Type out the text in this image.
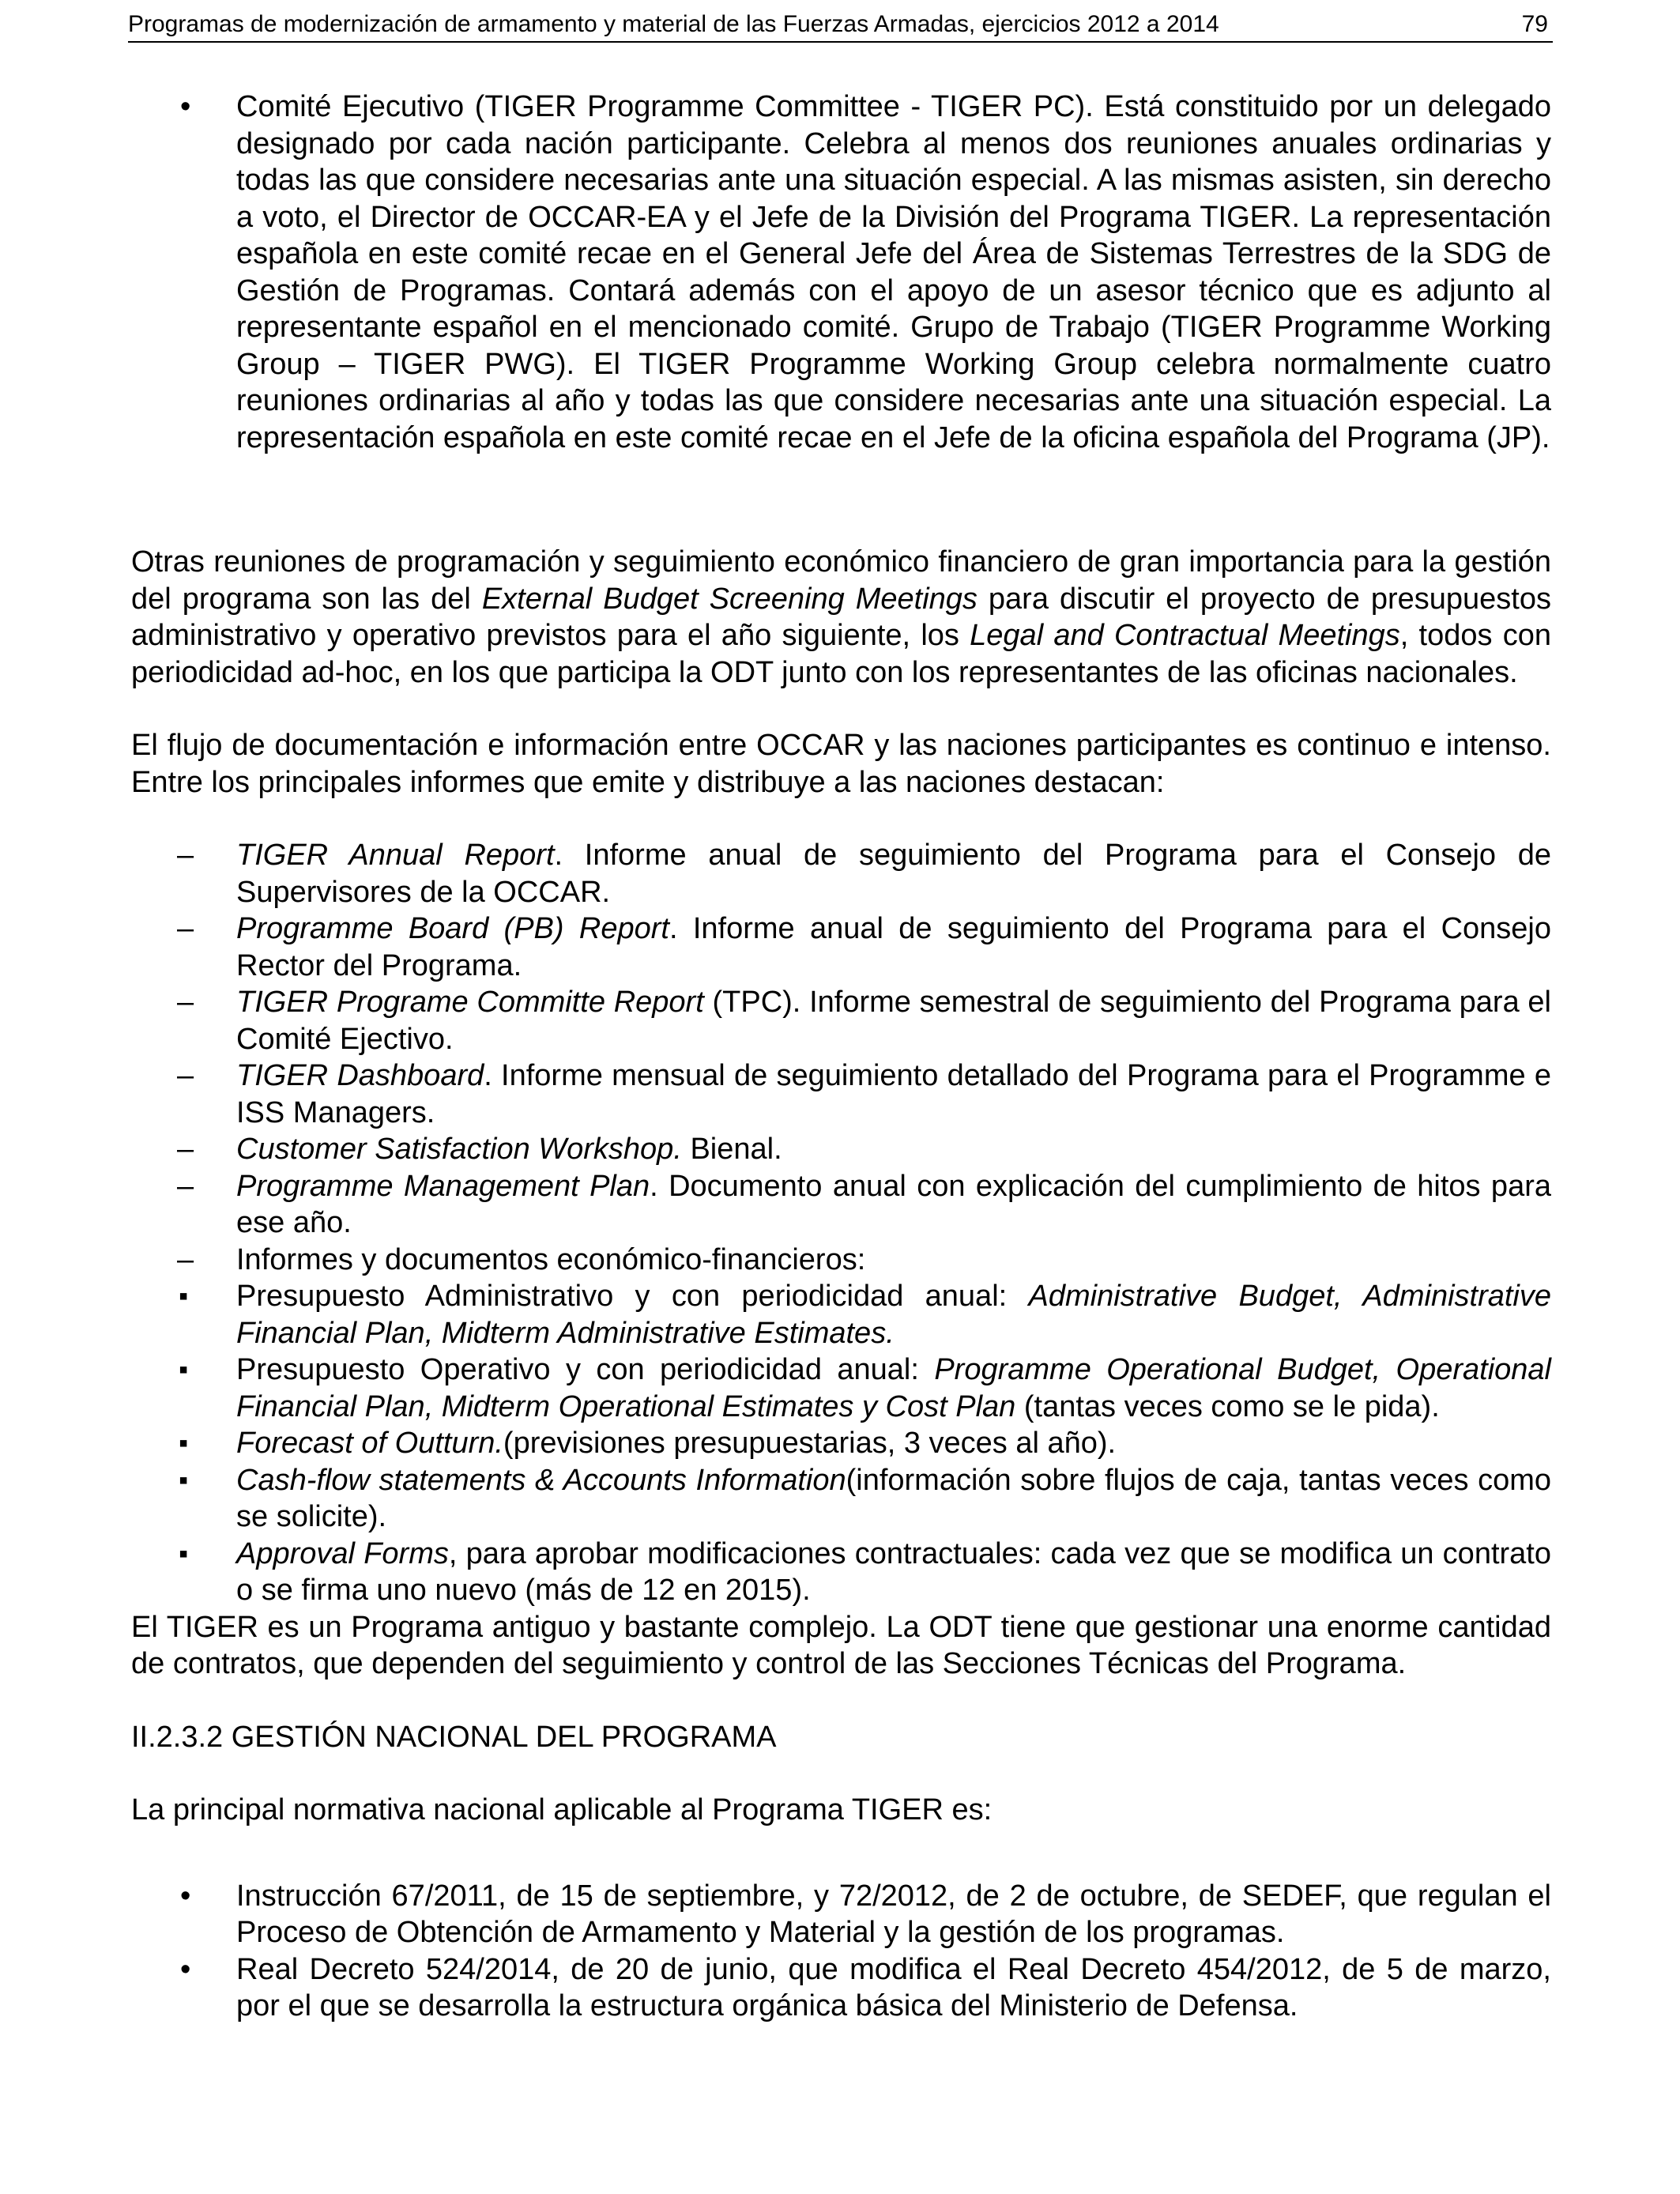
Programas de modernización de armamento y material de las Fuerzas Armadas, ejercicios 2012 a 2014	79
• Comité Ejecutivo (TIGER Programme Committee - TIGER PC). Está constituido por un delegado designado por cada nación participante. Celebra al menos dos reuniones anuales ordinarias y todas las que considere necesarias ante una situación especial. A las mismas asisten, sin derecho a voto, el Director de OCCAR-EA y el Jefe de la División del Programa TIGER. La representación española en este comité recae en el General Jefe del Área de Sistemas Terrestres de la SDG de Gestión de Programas. Contará además con el apoyo de un asesor técnico que es adjunto al representante español en el mencionado comité. Grupo de Trabajo (TIGER Programme Working Group – TIGER PWG). El TIGER Programme Working Group celebra normalmente cuatro reuniones ordinarias al año y todas las que considere necesarias ante una situación especial. La representación española en este comité recae en el Jefe de la oficina española del Programa (JP).

Otras reuniones de programación y seguimiento económico financiero de gran importancia para la gestión del programa son las del External Budget Screening Meetings para discutir el proyecto de presupuestos administrativo y operativo previstos para el año siguiente, los Legal and Contractual Meetings, todos con periodicidad ad-hoc, en los que participa la ODT junto con los representantes de las oficinas nacionales.

El flujo de documentación e información entre OCCAR y las naciones participantes es continuo e intenso. Entre los principales informes que emite y distribuye a las naciones destacan:

– TIGER Annual Report. Informe anual de seguimiento del Programa para el Consejo de Supervisores de la OCCAR.
– Programme Board (PB) Report. Informe anual de seguimiento del Programa para el Consejo Rector del Programa.
– TIGER Programe Committe Report (TPC). Informe semestral de seguimiento del Programa para el Comité Ejectivo.
– TIGER Dashboard. Informe mensual de seguimiento detallado del Programa para el Programme e ISS Managers.
– Customer Satisfaction Workshop. Bienal.
– Programme Management Plan. Documento anual con explicación del cumplimiento de hitos para ese año.
– Informes y documentos económico-financieros:
▪ Presupuesto Administrativo y con periodicidad anual: Administrative Budget, Administrative Financial Plan, Midterm Administrative Estimates.
▪ Presupuesto Operativo y con periodicidad anual: Programme Operational Budget, Operational Financial Plan, Midterm Operational Estimates y Cost Plan (tantas veces como se le pida).
▪ Forecast of Outturn.(previsiones presupuestarias, 3 veces al año).
▪ Cash-flow statements & Accounts Information(información sobre flujos de caja, tantas veces como se solicite).
▪ Approval Forms, para aprobar modificaciones contractuales: cada vez que se modifica un contrato o se firma uno nuevo (más de 12 en 2015).

El TIGER es un Programa antiguo y bastante complejo. La ODT tiene que gestionar una enorme cantidad de contratos, que dependen del seguimiento y control de las Secciones Técnicas del Programa.

II.2.3.2 GESTIÓN NACIONAL DEL PROGRAMA

La principal normativa nacional aplicable al Programa TIGER es:

• Instrucción 67/2011, de 15 de septiembre, y 72/2012, de 2 de octubre, de SEDEF, que regulan el Proceso de Obtención de Armamento y Material y la gestión de los programas.
• Real Decreto 524/2014, de 20 de junio, que modifica el Real Decreto 454/2012, de 5 de marzo, por el que se desarrolla la estructura orgánica básica del Ministerio de Defensa.
